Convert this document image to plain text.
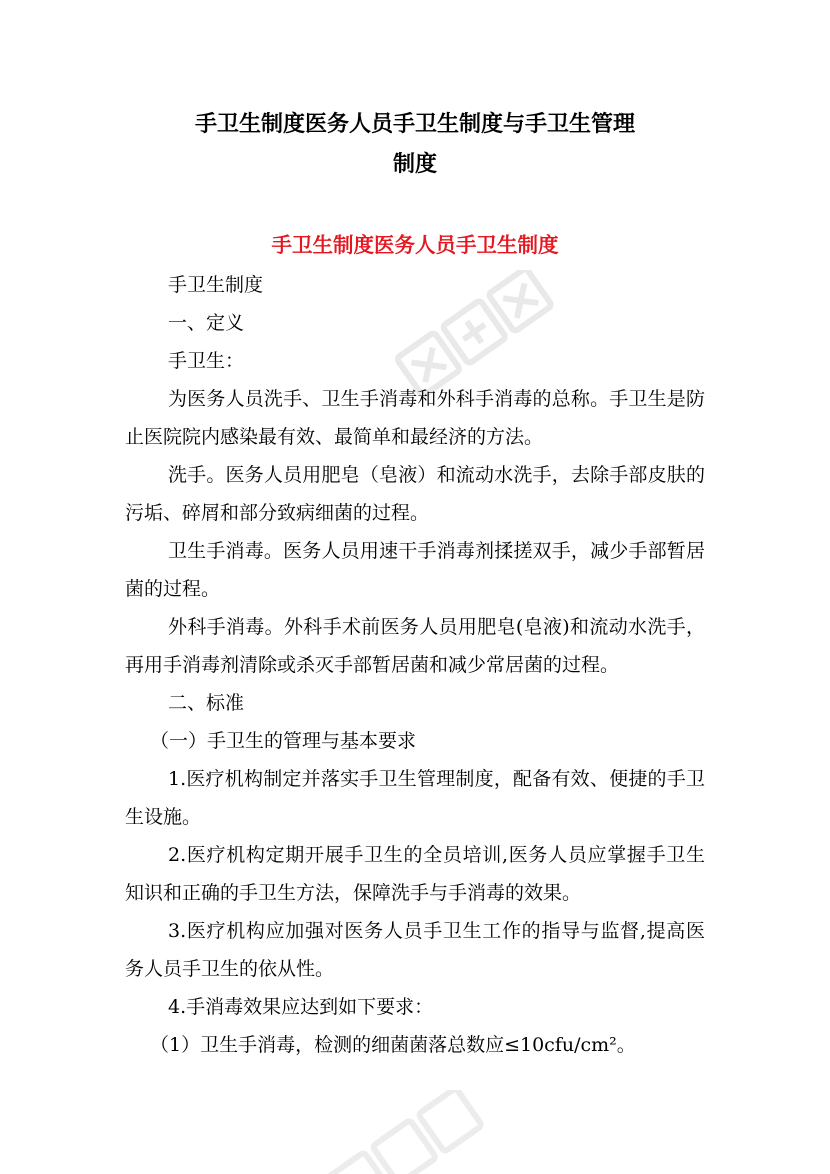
手卫生制度医务人员手卫生制度与手卫生管理
制度
手卫生制度医务人员手卫生制度
手卫生制度
一、定义
手卫生：
为医务人员洗手、卫生手消毒和外科手消毒的总称。手卫生是防
止医院院内感染最有效、最简单和最经济的方法。
洗手。医务人员用肥皂（皂液）和流动水洗手，去除手部皮肤的
污垢、碎屑和部分致病细菌的过程。
卫生手消毒。医务人员用速干手消毒剂揉搓双手，减少手部暂居
菌的过程。
外科手消毒。外科手术前医务人员用肥皂(皂液)和流动水洗手，
再用手消毒剂清除或杀灭手部暂居菌和减少常居菌的过程。
二、标准
（一）手卫生的管理与基本要求
1.医疗机构制定并落实手卫生管理制度，配备有效、便捷的手卫
生设施。
2.医疗机构定期开展手卫生的全员培训,医务人员应掌握手卫生
知识和正确的手卫生方法，保障洗手与手消毒的效果。
3.医疗机构应加强对医务人员手卫生工作的指导与监督,提高医
务人员手卫生的依从性。
4.手消毒效果应达到如下要求：
（1）卫生手消毒，检测的细菌菌落总数应≤10cfu/cm²。
